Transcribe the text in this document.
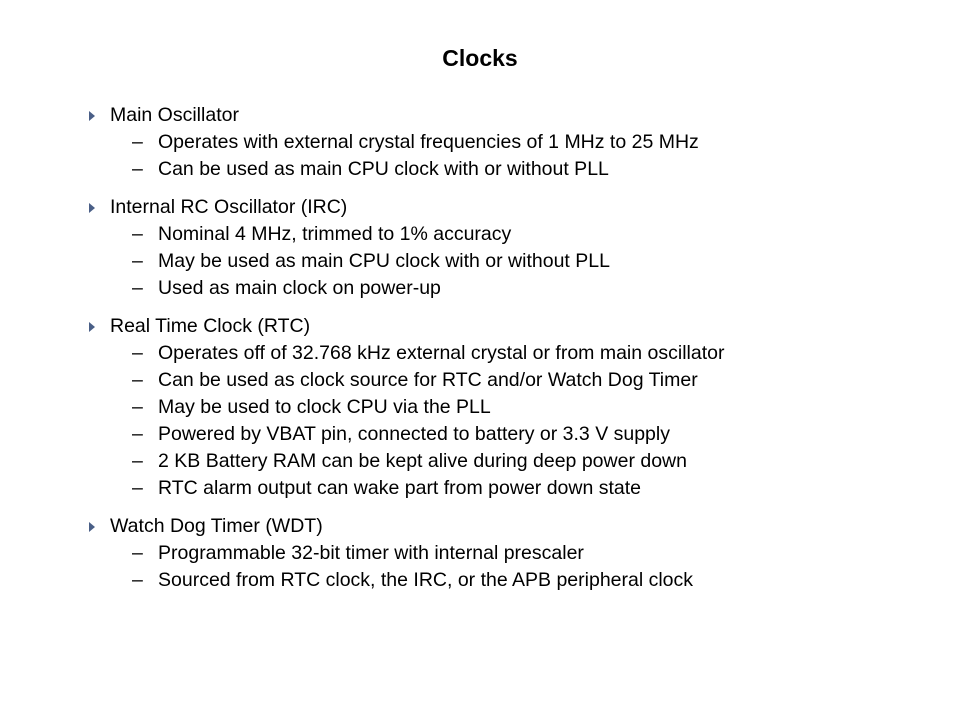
Clocks
Main Oscillator
– Operates with external crystal frequencies of 1 MHz to 25 MHz
– Can be used as main CPU clock with or without PLL
Internal RC Oscillator (IRC)
– Nominal 4 MHz, trimmed to 1% accuracy
– May be used as main CPU clock with or without PLL
– Used as main clock on power-up
Real Time Clock (RTC)
– Operates off of 32.768 kHz external crystal or from main oscillator
– Can be used as clock source for RTC and/or Watch Dog Timer
– May be used to clock CPU via the PLL
– Powered by VBAT pin, connected to battery or 3.3 V supply
– 2 KB Battery RAM can be kept alive during deep power down
– RTC alarm output can wake part from power down state
Watch Dog Timer (WDT)
– Programmable 32-bit timer with internal prescaler
– Sourced from RTC clock, the IRC, or the APB peripheral clock
